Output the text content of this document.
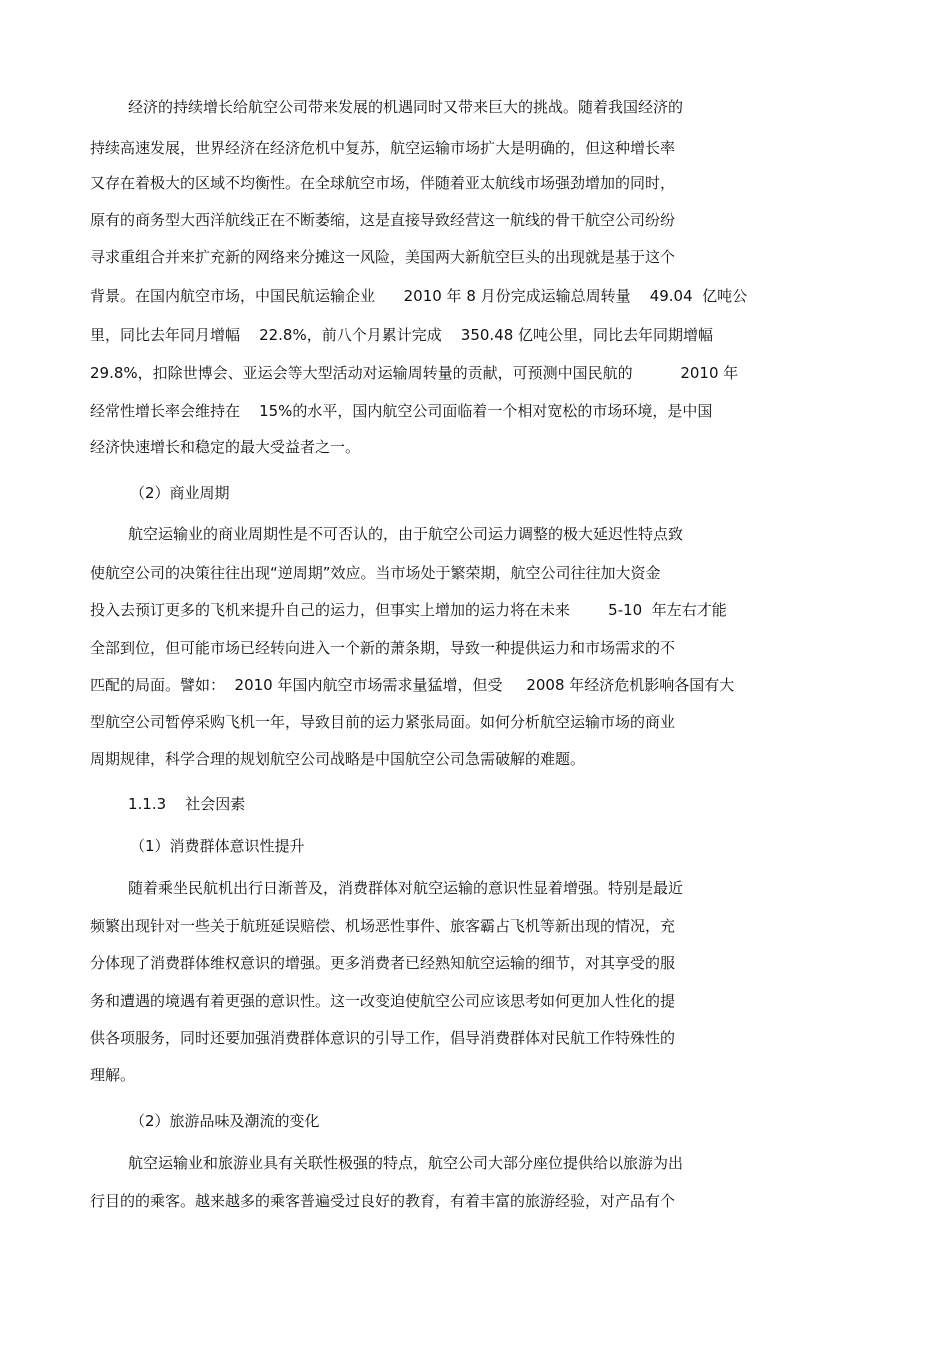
经济的持续增长给航空公司带来发展的机遇同时又带来巨大的挑战。随着我国经济的

持续高速发展，世界经济在经济危机中复苏，航空运输市场扩大是明确的，但这种增长率

又存在着极大的区域不均衡性。在全球航空市场，伴随着亚太航线市场强劲增加的同时，

原有的商务型大西洋航线正在不断萎缩，这是直接导致经营这一航线的骨干航空公司纷纷

寻求重组合并来扩充新的网络来分摊这一风险，美国两大新航空巨头的出现就是基于这个

背景。在国内航空市场，中国民航运输企业      2010 年 8 月份完成运输总周转量    49.04  亿吨公

里，同比去年同月增幅    22.8%，前八个月累计完成    350.48 亿吨公里，同比去年同期增幅

29.8%，扣除世博会、亚运会等大型活动对运输周转量的贡献，可预测中国民航的          2010 年

经常性增长率会维持在    15%的水平，国内航空公司面临着一个相对宽松的市场环境，是中国

经济快速增长和稳定的最大受益者之一。

（2）商业周期

航空运输业的商业周期性是不可否认的，由于航空公司运力调整的极大延迟性特点致

使航空公司的决策往往出现“逆周期”效应。当市场处于繁荣期，航空公司往往加大资金

投入去预订更多的飞机来提升自己的运力，但事实上增加的运力将在未来        5-10  年左右才能

全部到位，但可能市场已经转向进入一个新的萧条期，导致一种提供运力和市场需求的不

匹配的局面。譬如：  2010 年国内航空市场需求量猛增，但受     2008 年经济危机影响各国有大

型航空公司暂停采购飞机一年，导致目前的运力紧张局面。如何分析航空运输市场的商业

周期规律，科学合理的规划航空公司战略是中国航空公司急需破解的难题。

1.1.3    社会因素

（1）消费群体意识性提升

随着乘坐民航机出行日渐普及，消费群体对航空运输的意识性显着增强。特别是最近

频繁出现针对一些关于航班延误赔偿、机场恶性事件、旅客霸占飞机等新出现的情况，充

分体现了消费群体维权意识的增强。更多消费者已经熟知航空运输的细节，对其享受的服

务和遭遇的境遇有着更强的意识性。这一改变迫使航空公司应该思考如何更加人性化的提

供各项服务，同时还要加强消费群体意识的引导工作，倡导消费群体对民航工作特殊性的

理解。

（2）旅游品味及潮流的变化

航空运输业和旅游业具有关联性极强的特点，航空公司大部分座位提供给以旅游为出

行目的的乘客。越来越多的乘客普遍受过良好的教育，有着丰富的旅游经验，对产品有个
